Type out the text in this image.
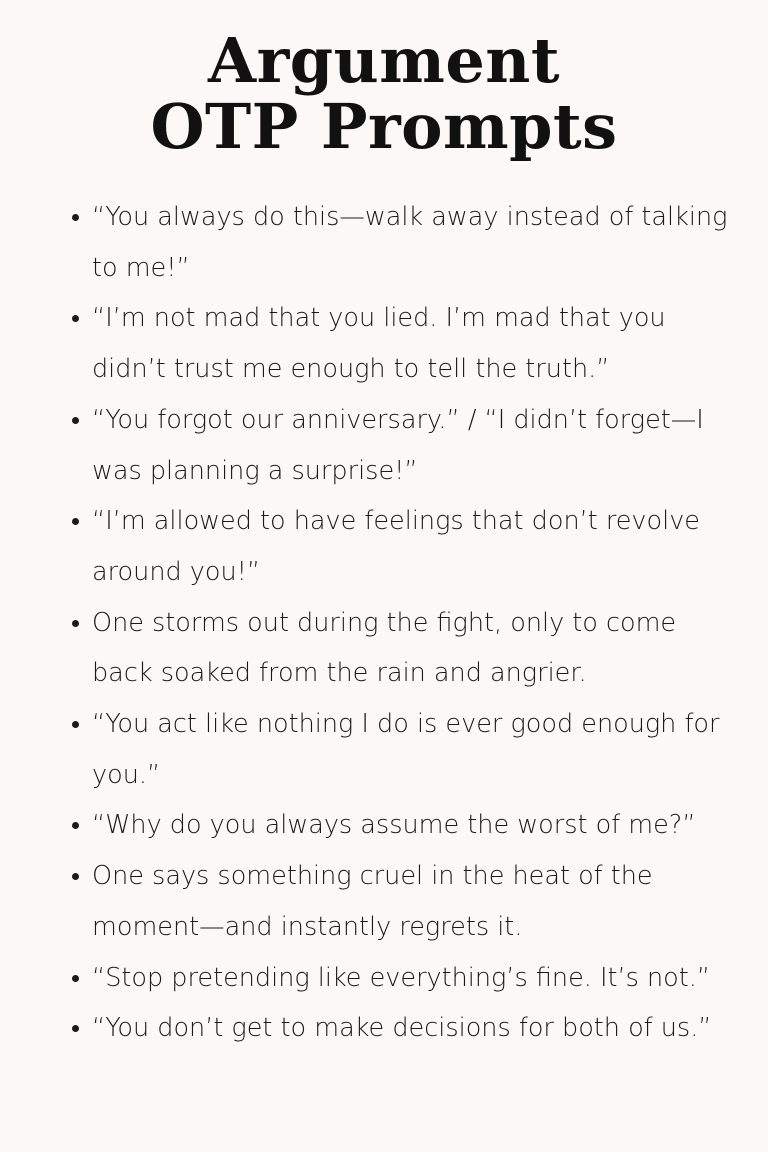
Argument
OTP Prompts
“You always do this—walk away instead of talking to me!”
“I’m not mad that you lied. I’m mad that you didn’t trust me enough to tell the truth.”
“You forgot our anniversary.” / “I didn’t forget—I was planning a surprise!”
“I’m allowed to have feelings that don’t revolve around you!”
One storms out during the fight, only to come back soaked from the rain and angrier.
“You act like nothing I do is ever good enough for you.”
“Why do you always assume the worst of me?”
One says something cruel in the heat of the moment—and instantly regrets it.
“Stop pretending like everything’s fine. It’s not.”
“You don’t get to make decisions for both of us.”
